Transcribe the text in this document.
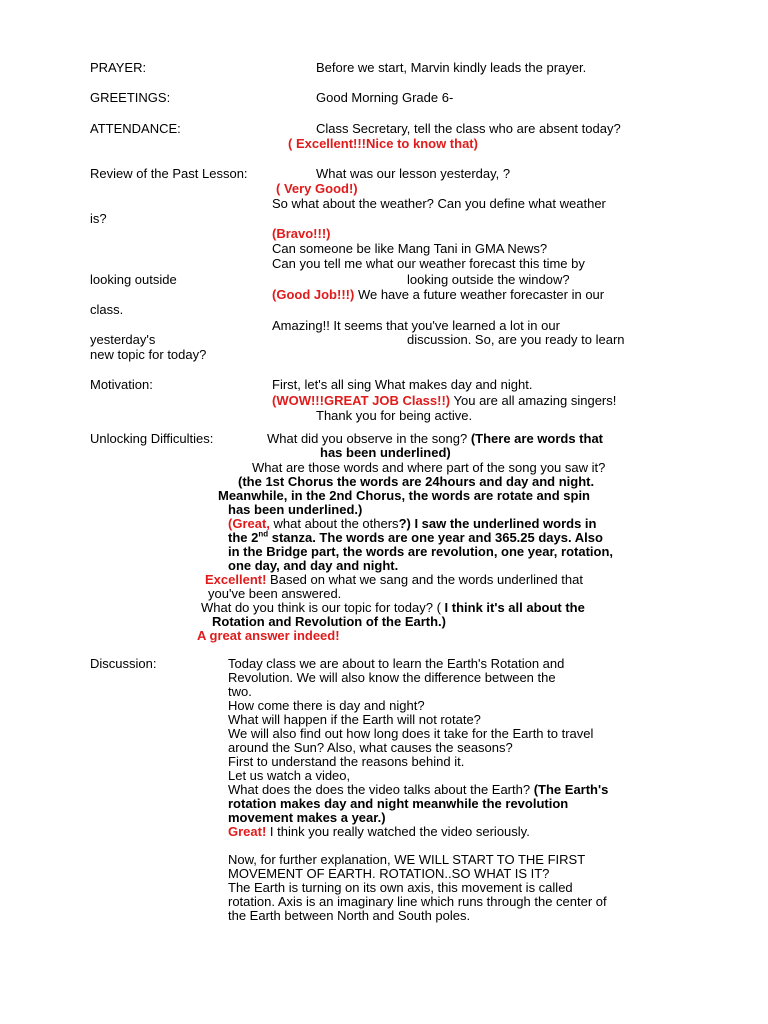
PRAYER:	Before we start, Marvin kindly leads the prayer.
GREETINGS:	Good Morning Grade 6-
ATTENDANCE:	Class Secretary, tell the class who are absent today?
( Excellent!!!Nice to know that)
Review of the Past Lesson:	What was our lesson yesterday, ?
( Very Good!)
So what about the weather? Can you define what weather
is?
(Bravo!!!)
Can someone be like Mang Tani in GMA News?
Can you tell me what our weather forecast this time by
looking outside	looking outside the window?
(Good Job!!!) We have a future weather forecaster in our
class.
Amazing!! It seems that you've learned a lot in our
yesterday's	discussion. So, are you ready to learn
new topic for today?
Motivation:	First, let's all sing What makes day and night.
(WOW!!!GREAT JOB Class!!) You are all amazing singers!
Thank you for being active.
Unlocking Difficulties:	What did you observe in the song? (There are words that
has been underlined)
What are those words and where part of the song you saw it?
(the 1st Chorus the words are 24hours and day and night.
Meanwhile, in the 2nd Chorus, the words are rotate and spin
has been underlined.)
(Great, what about the others?) I saw the underlined words in
the 2nd stanza. The words are one year and 365.25 days. Also
in the Bridge part, the words are revolution, one year, rotation,
one day, and day and night.
Excellent! Based on what we sang and the words underlined that
you've been answered.
What do you think is our topic for today? ( I think it's all about the
Rotation and Revolution of the Earth.)
A great answer indeed!
Discussion:	Today class we are about to learn the Earth's Rotation and
Revolution. We will also know the difference between the
two.
How come there is day and night?
What will happen if the Earth will not rotate?
We will also find out how long does it take for the Earth to travel
around the Sun? Also, what causes the seasons?
First to understand the reasons behind it.
Let us watch a video,
What does the does the video talks about the Earth? (The Earth's
rotation makes day and night meanwhile the revolution
movement makes a year.)
Great! I think you really watched the video seriously.
Now, for further explanation, WE WILL START TO THE FIRST
MOVEMENT OF EARTH. ROTATION..SO WHAT IS IT?
The Earth is turning on its own axis, this movement is called
rotation. Axis is an imaginary line which runs through the center of
the Earth between North and South poles.
